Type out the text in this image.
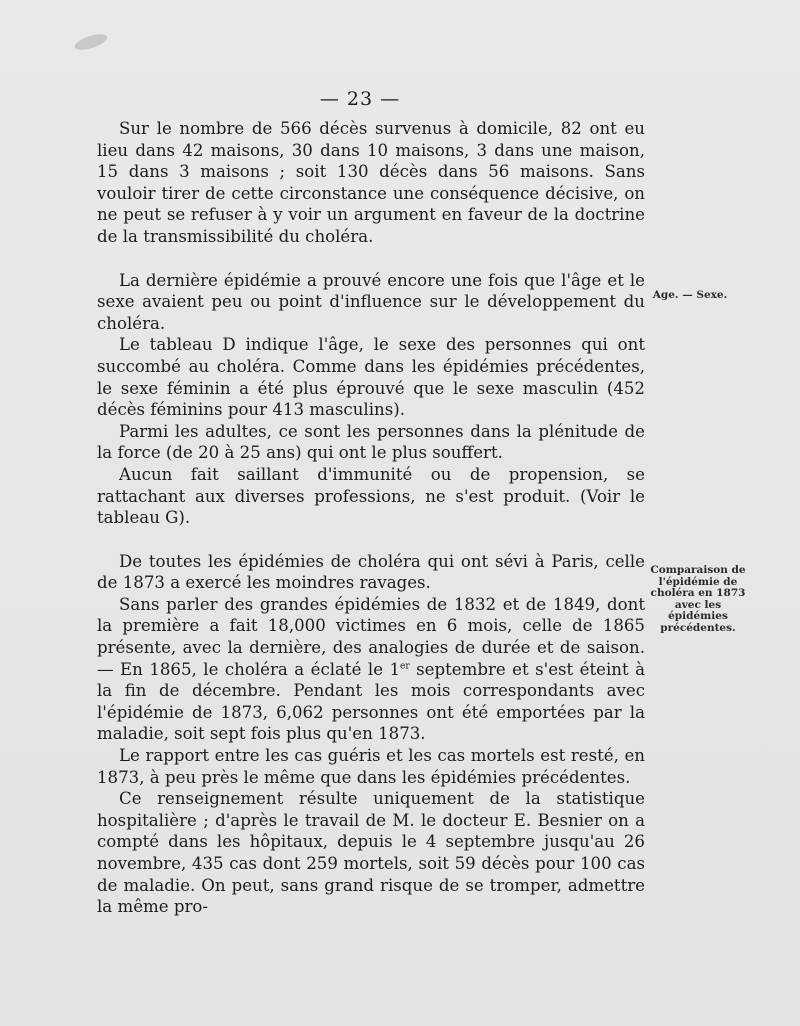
— 23 —

Sur le nombre de 566 décès survenus à domicile, 82 ont eu lieu dans 42 maisons, 30 dans 10 maisons, 3 dans une maison, 15 dans 3 maisons ; soit 130 décès dans 56 maisons. Sans vouloir tirer de cette circonstance une conséquence décisive, on ne peut se refuser à y voir un argument en faveur de la doctrine de la transmissibilité du choléra.

La dernière épidémie a prouvé encore une fois que l'âge et le sexe avaient peu ou point d'influence sur le développement du choléra.

Le tableau D indique l'âge, le sexe des personnes qui ont succombé au choléra. Comme dans les épidémies précédentes, le sexe féminin a été plus éprouvé que le sexe masculin (452 décès féminins pour 413 masculins).

Parmi les adultes, ce sont les personnes dans la plénitude de la force (de 20 à 25 ans) qui ont le plus souffert.

Aucun fait saillant d'immunité ou de propension, se rattachant aux diverses professions, ne s'est produit. (Voir le tableau G).

De toutes les épidémies de choléra qui ont sévi à Paris, celle de 1873 a exercé les moindres ravages.

Sans parler des grandes épidémies de 1832 et de 1849, dont la première a fait 18,000 victimes en 6 mois, celle de 1865 présente, avec la dernière, des analogies de durée et de saison. — En 1865, le choléra a éclaté le 1er septembre et s'est éteint à la fin de décembre. Pendant les mois correspondants avec l'épidémie de 1873, 6,062 personnes ont été emportées par la maladie, soit sept fois plus qu'en 1873.

Le rapport entre les cas guéris et les cas mortels est resté, en 1873, à peu près le même que dans les épidémies précédentes.

Ce renseignement résulte uniquement de la statistique hospitalière ; d'après le travail de M. le docteur E. Besnier on a compté dans les hôpitaux, depuis le 4 septembre jusqu'au 26 novembre, 435 cas dont 259 mortels, soit 59 décès pour 100 cas de maladie. On peut, sans grand risque de se tromper, admettre la même pro-

Age. — Sexe.
Comparaison de l'épidémie de choléra en 1873 avec les épidémies précédentes.
